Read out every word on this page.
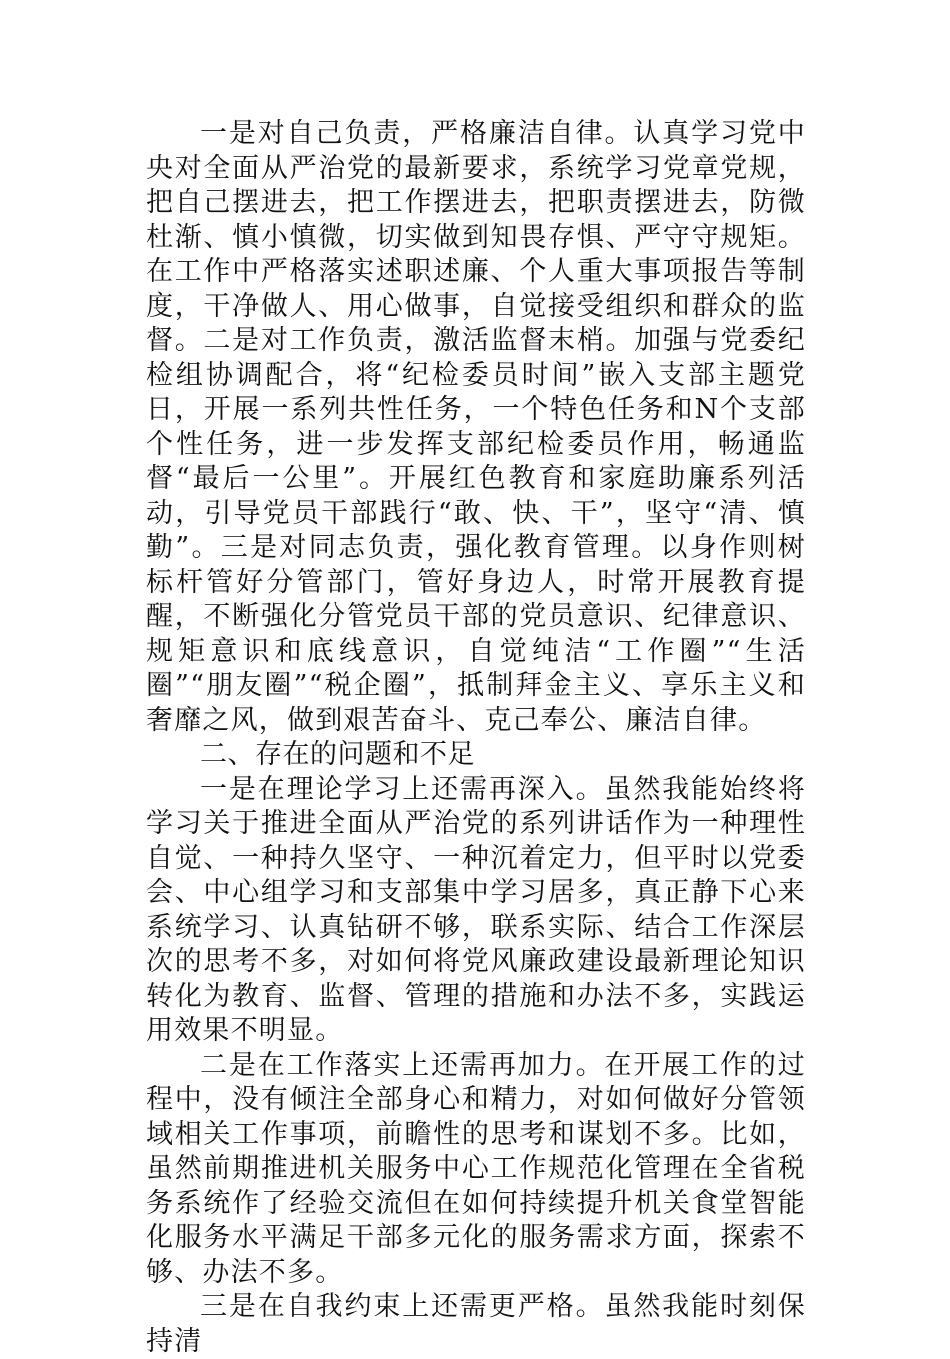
一是对自己负责，严格廉洁自律。认真学习党中央对全面从严治党的最新要求，系统学习党章党规，把自己摆进去，把工作摆进去，把职责摆进去，防微杜渐、慎小慎微，切实做到知畏存惧、严守守规矩。在工作中严格落实述职述廉、个人重大事项报告等制度，干净做人、用心做事，自觉接受组织和群众的监督。二是对工作负责，激活监督末梢。加强与党委纪检组协调配合，将“纪检委员时间”嵌入支部主题党日，开展一系列共性任务，一个特色任务和N个支部个性任务，进一步发挥支部纪检委员作用，畅通监督“最后一公里”。开展红色教育和家庭助廉系列活动，引导党员干部践行“敢、快、干”，坚守“清、慎勤”。三是对同志负责，强化教育管理。以身作则树标杆管好分管部门，管好身边人，时常开展教育提醒，不断强化分管党员干部的党员意识、纪律意识、规矩意识和底线意识，自觉纯洁“工作圈”“生活圈”“朋友圈”“税企圈”，抵制拜金主义、享乐主义和奢靡之风，做到艰苦奋斗、克己奉公、廉洁自律。

二、存在的问题和不足

一是在理论学习上还需再深入。虽然我能始终将学习关于推进全面从严治党的系列讲话作为一种理性自觉、一种持久坚守、一种沉着定力，但平时以党委会、中心组学习和支部集中学习居多，真正静下心来系统学习、认真钻研不够，联系实际、结合工作深层次的思考不多，对如何将党风廉政建设最新理论知识转化为教育、监督、管理的措施和办法不多，实践运用效果不明显。

二是在工作落实上还需再加力。在开展工作的过程中，没有倾注全部身心和精力，对如何做好分管领域相关工作事项，前瞻性的思考和谋划不多。比如，虽然前期推进机关服务中心工作规范化管理在全省税务系统作了经验交流但在如何持续提升机关食堂智能化服务水平满足干部多元化的服务需求方面，探索不够、办法不多。

三是在自我约束上还需更严格。虽然我能时刻保持清
